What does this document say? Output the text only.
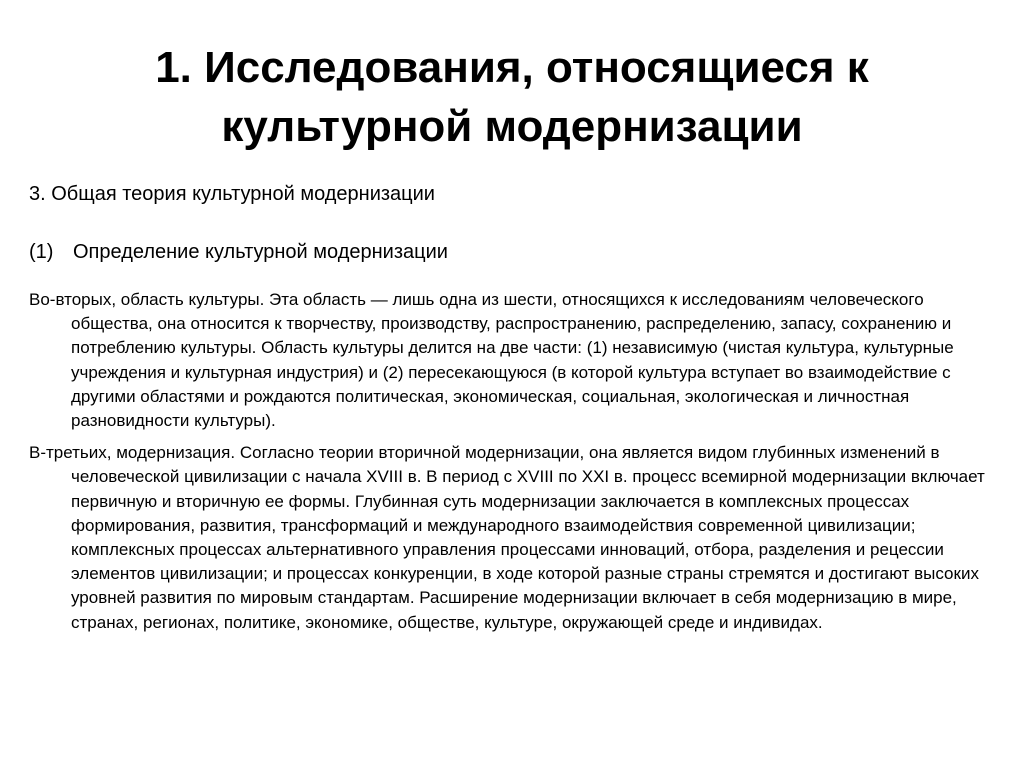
1. Исследования, относящиеся к культурной модернизации

3. Общая теория культурной модернизации

(1) Определение культурной модернизации

Во-вторых, область культуры. Эта область — лишь одна из шести, относящихся к исследованиям человеческого общества, она относится к творчеству, производству, распространению, распределению, запасу, сохранению и потреблению культуры. Область культуры делится на две части: (1) независимую (чистая культура, культурные учреждения и культурная индустрия) и (2) пересекающуюся (в которой культура вступает во взаимодействие с другими областями и рождаются политическая, экономическая, социальная, экологическая и личностная разновидности культуры).

В-третьих, модернизация. Согласно теории вторичной модернизации, она является видом глубинных изменений в человеческой цивилизации с начала XVIII в. В период с XVIII по XXI в. процесс всемирной модернизации включает первичную и вторичную ее формы. Глубинная суть модернизации заключается в комплексных процессах формирования, развития, трансформаций и международного взаимодействия современной цивилизации; комплексных процессах альтернативного управления процессами инноваций, отбора, разделения и рецессии элементов цивилизации; и процессах конкуренции, в ходе которой разные страны стремятся и достигают высоких уровней развития по мировым стандартам. Расширение модернизации включает в себя модернизацию в мире, странах, регионах, политике, экономике, обществе, культуре, окружающей среде и индивидах.
